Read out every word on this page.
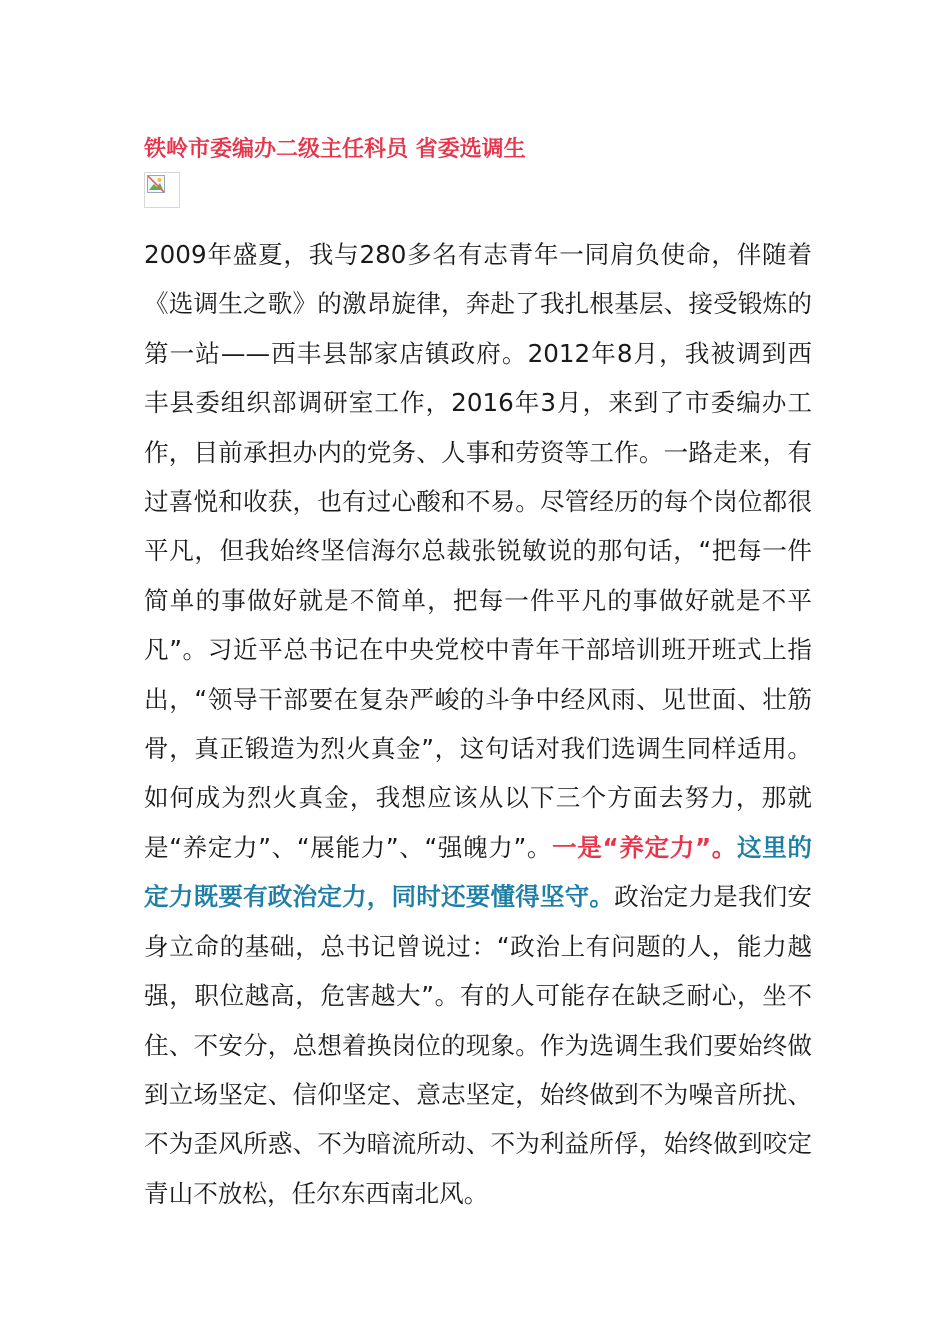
铁岭市委编办二级主任科员 省委选调生

2009年盛夏，我与280多名有志青年一同肩负使命，伴随着《选调生之歌》的激昂旋律，奔赴了我扎根基层、接受锻炼的第一站——西丰县郜家店镇政府。2012年8月，我被调到西丰县委组织部调研室工作，2016年3月，来到了市委编办工作，目前承担办内的党务、人事和劳资等工作。一路走来，有过喜悦和收获，也有过心酸和不易。尽管经历的每个岗位都很平凡，但我始终坚信海尔总裁张锐敏说的那句话，“把每一件简单的事做好就是不简单，把每一件平凡的事做好就是不平凡”。习近平总书记在中央党校中青年干部培训班开班式上指出，“领导干部要在复杂严峻的斗争中经风雨、见世面、壮筋骨，真正锻造为烈火真金”，这句话对我们选调生同样适用。如何成为烈火真金，我想应该从以下三个方面去努力，那就是“养定力”、“展能力”、“强魄力”。一是“养定力”。这里的定力既要有政治定力，同时还要懂得坚守。政治定力是我们安身立命的基础，总书记曾说过：“政治上有问题的人，能力越强，职位越高，危害越大”。有的人可能存在缺乏耐心，坐不住、不安分，总想着换岗位的现象。作为选调生我们要始终做到立场坚定、信仰坚定、意志坚定，始终做到不为噪音所扰、不为歪风所惑、不为暗流所动、不为利益所俘，始终做到咬定青山不放松，任尔东西南北风。
